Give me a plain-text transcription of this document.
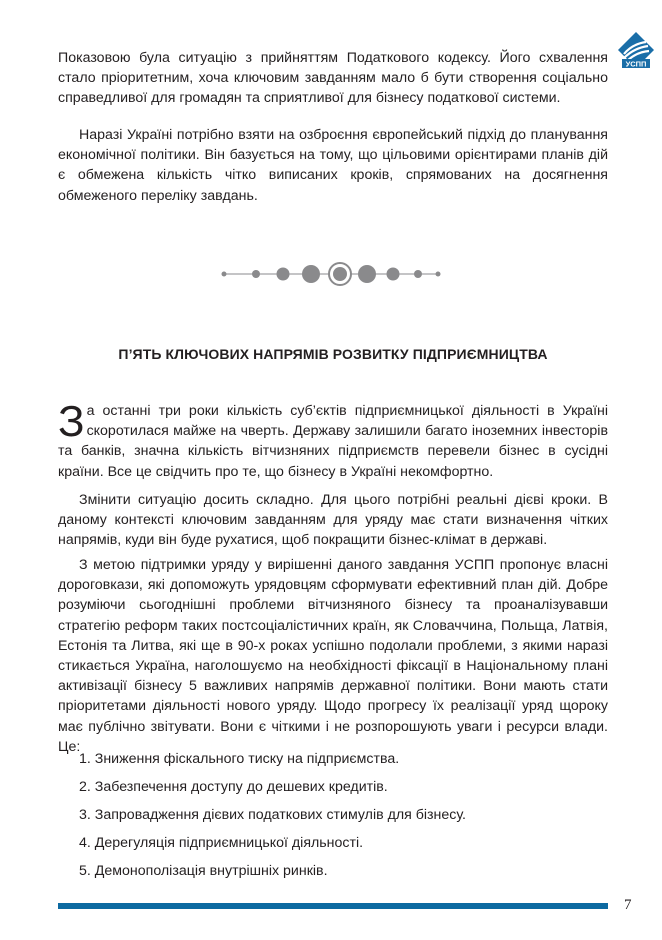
УСПП

Показовою була ситуацію з прийняттям Податкового кодексу. Його схвалення стало пріоритетним, хоча ключовим завданням мало б бути створення соціально справедливої для громадян та сприятливої для бізнесу податкової системи.

Наразі Україні потрібно взяти на озброєння європейський підхід до планування економічної політики. Він базується на тому, що цільовими орієнтирами планів дій є обмежена кількість чітко виписаних кроків, спрямованих на досягнення обмеженого переліку завдань.

П’ЯТЬ КЛЮЧОВИХ НАПРЯМІВ РОЗВИТКУ ПІДПРИЄМНИЦТВА

За останні три роки кількість суб’єктів підприємницької діяльності в Україні скоротилася майже на чверть. Державу залишили багато іноземних інвесторів та банків, значна кількість вітчизняних підприємств перевели бізнес в сусідні країни. Все це свідчить про те, що бізнесу в Україні некомфортно.

Змінити ситуацію досить складно. Для цього потрібні реальні дієві кроки. В даному контексті ключовим завданням для уряду має стати визначення чітких напрямів, куди він буде рухатися, щоб покращити бізнес-клімат в державі.

З метою підтримки уряду у вирішенні даного завдання УСПП пропонує власні дороговкази, які допоможуть урядовцям сформувати ефективний план дій. Добре розуміючи сьогоднішні проблеми вітчизняного бізнесу та проаналізувавши стратегію реформ таких постсоціалістичних країн, як Словаччина, Польща, Латвія, Естонія та Литва, які ще в 90-х роках успішно подолали проблеми, з якими наразі стикається Україна, наголошуємо на необхідності фіксації в Національному плані активізації бізнесу 5 важливих напрямів державної політики. Вони мають стати пріоритетами діяльності нового уряду. Щодо прогресу їх реалізації уряд щороку має публічно звітувати. Вони є чіткими і не розпорошують уваги і ресурси влади. Це:

1. Зниження фіскального тиску на підприємства.
2. Забезпечення доступу до дешевих кредитів.
3. Запровадження дієвих податкових стимулів для бізнесу.
4. Дерегуляція підприємницької діяльності.
5. Демонополізація внутрішніх ринків.
7
